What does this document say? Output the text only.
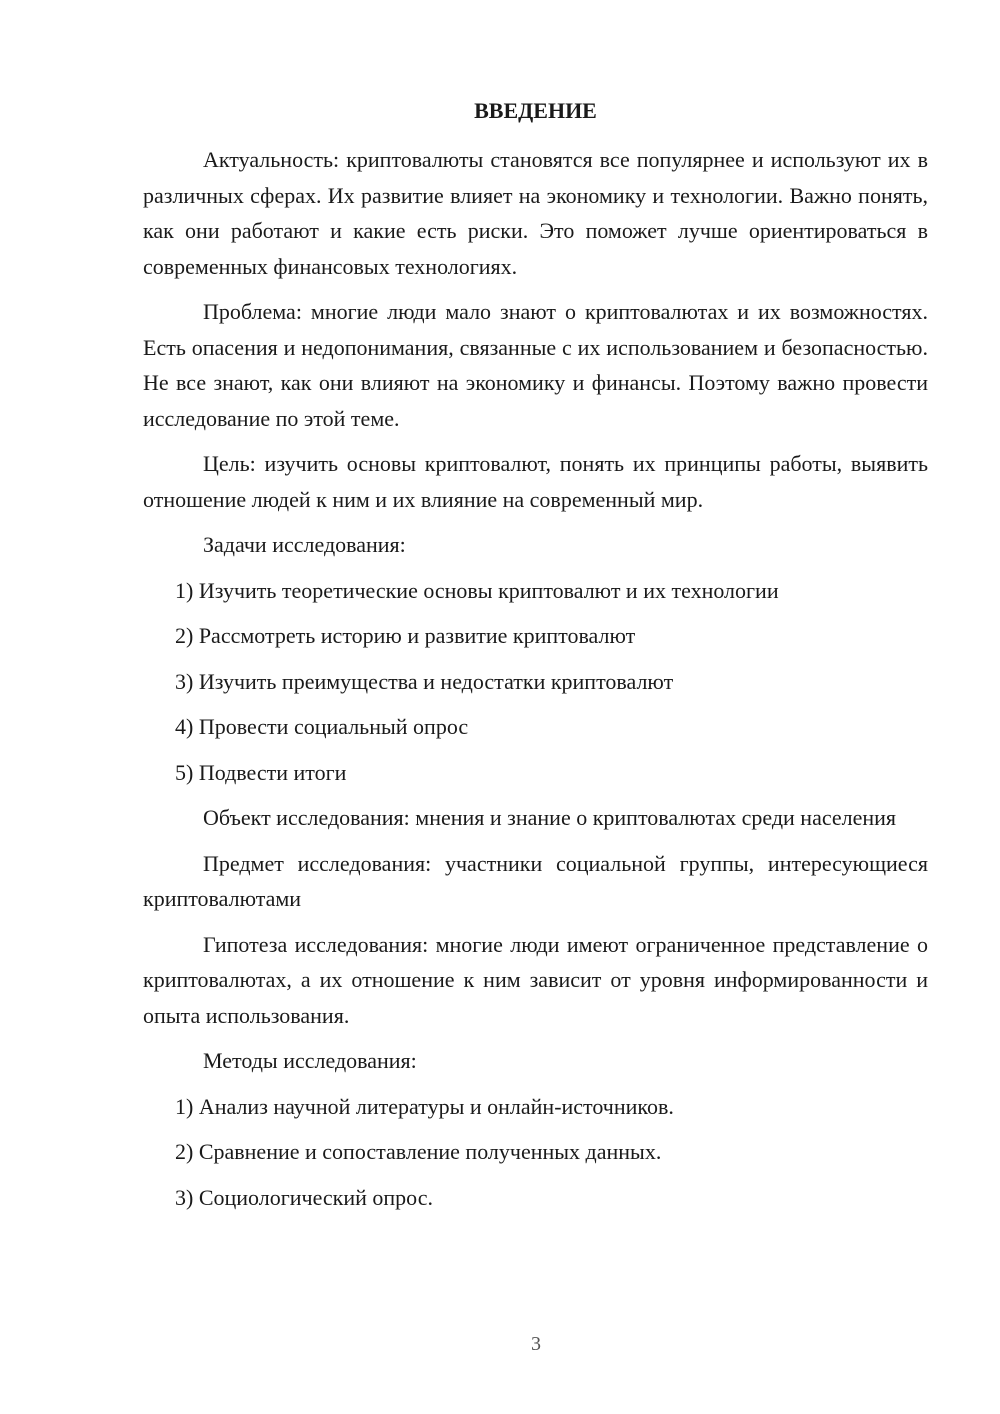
ВВЕДЕНИЕ

Актуальность: криптовалюты становятся все популярнее и используют их в различных сферах. Их развитие влияет на экономику и технологии. Важно понять, как они работают и какие есть риски. Это поможет лучше ориентироваться в современных финансовых технологиях.

Проблема: многие люди мало знают о криптовалютах и их возможностях. Есть опасения и недопонимания, связанные с их использованием и безопасностью. Не все знают, как они влияют на экономику и финансы. Поэтому важно провести исследование по этой теме.

Цель: изучить основы криптовалют, понять их принципы работы, выявить отношение людей к ним и их влияние на современный мир.

Задачи исследования:

1) Изучить теоретические основы криптовалют и их технологии
2) Рассмотреть историю и развитие криптовалют
3) Изучить преимущества и недостатки криптовалют
4) Провести социальный опрос
5) Подвести итоги

Объект исследования: мнения и знание о криптовалютах среди населения

Предмет исследования: участники социальной группы, интересующиеся криптовалютами

Гипотеза исследования: многие люди имеют ограниченное представление о криптовалютах, а их отношение к ним зависит от уровня информированности и опыта использования.

Методы исследования:

1) Анализ научной литературы и онлайн-источников.
2) Сравнение и сопоставление полученных данных.
3) Социологический опрос.
3
